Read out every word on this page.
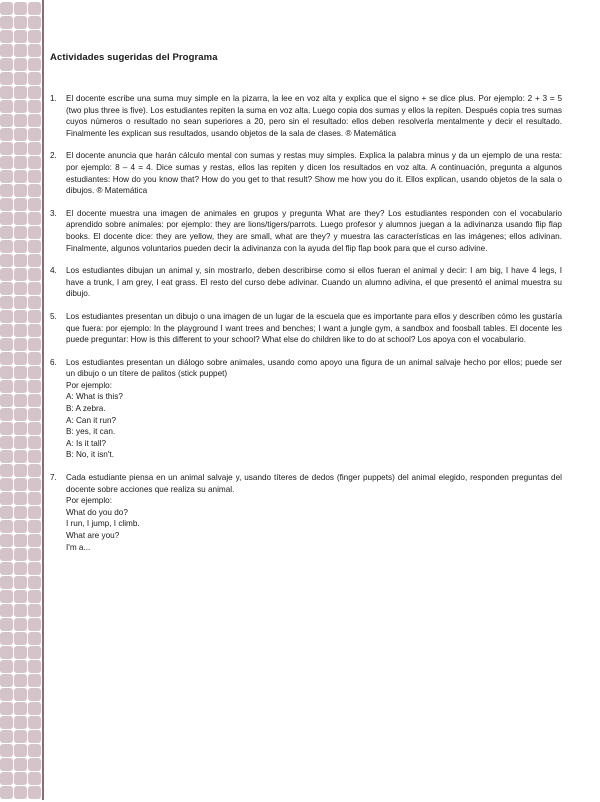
Actividades sugeridas del Programa
1.	El docente escribe una suma muy simple en la pizarra, la lee en voz alta y explica que el signo + se dice plus. Por ejemplo: 2 + 3 = 5 (two plus three is five). Los estudiantes repiten la suma en voz alta. Luego copia dos sumas y ellos la repiten. Después copia tres sumas cuyos números o resultado no sean superiores a 20, pero sin el resultado: ellos deben resolverla mentalmente y decir el resultado. Finalmente les explican sus resultados, usando objetos de la sala de clases. ® Matemática
2.	El docente anuncia que harán cálculo mental con sumas y restas muy simples. Explica la palabra minus y da un ejemplo de una resta: por ejemplo: 8 – 4 = 4. Dice sumas y restas, ellos las repiten y dicen los resultados en voz alta. A continuación, pregunta a algunos estudiantes: How do you know that? How do you get to that result? Show me how you do it. Ellos explican, usando objetos de la sala o dibujos. ® Matemática
3.	El docente muestra una imagen de animales en grupos y pregunta What are they? Los estudiantes responden con el vocabulario aprendido sobre animales: por ejemplo: they are lions/tigers/parrots. Luego profesor y alumnos juegan a la adivinanza usando flip flap books. El docente dice: they are yellow, they are small, what are they? y muestra las características en las imágenes; ellos adivinan. Finalmente, algunos voluntarios pueden decir la adivinanza con la ayuda del flip flap book para que el curso adivine.
4.	Los estudiantes dibujan un animal y, sin mostrarlo, deben describirse como si ellos fueran el animal y decir: I am big, I have 4 legs, I have a trunk, I am grey, I eat grass. El resto del curso debe adivinar. Cuando un alumno adivina, el que presentó el animal muestra su dibujo.
5.	Los estudiantes presentan un dibujo o una imagen de un lugar de la escuela que es importante para ellos y describen cómo les gustaría que fuera: por ejemplo: In the playground I want trees and benches; I want a jungle gym, a sandbox and foosball tables. El docente les puede preguntar: How is this different to your school? What else do children like to do at school? Los apoya con el vocabulario.
6.	Los estudiantes presentan un diálogo sobre animales, usando como apoyo una figura de un animal salvaje hecho por ellos; puede ser un dibujo o un títere de palitos (stick puppet)
Por ejemplo:
A: What is this?
B: A zebra.
A: Can it run?
B: yes, it can.
A: Is it tall?
B: No, it isn't.
7.	Cada estudiante piensa en un animal salvaje y, usando títeres de dedos (finger puppets) del animal elegido, responden preguntas del docente sobre acciones que realiza su animal.
Por ejemplo:
What do you do?
I run, I jump, I climb.
What are you?
I'm a...
